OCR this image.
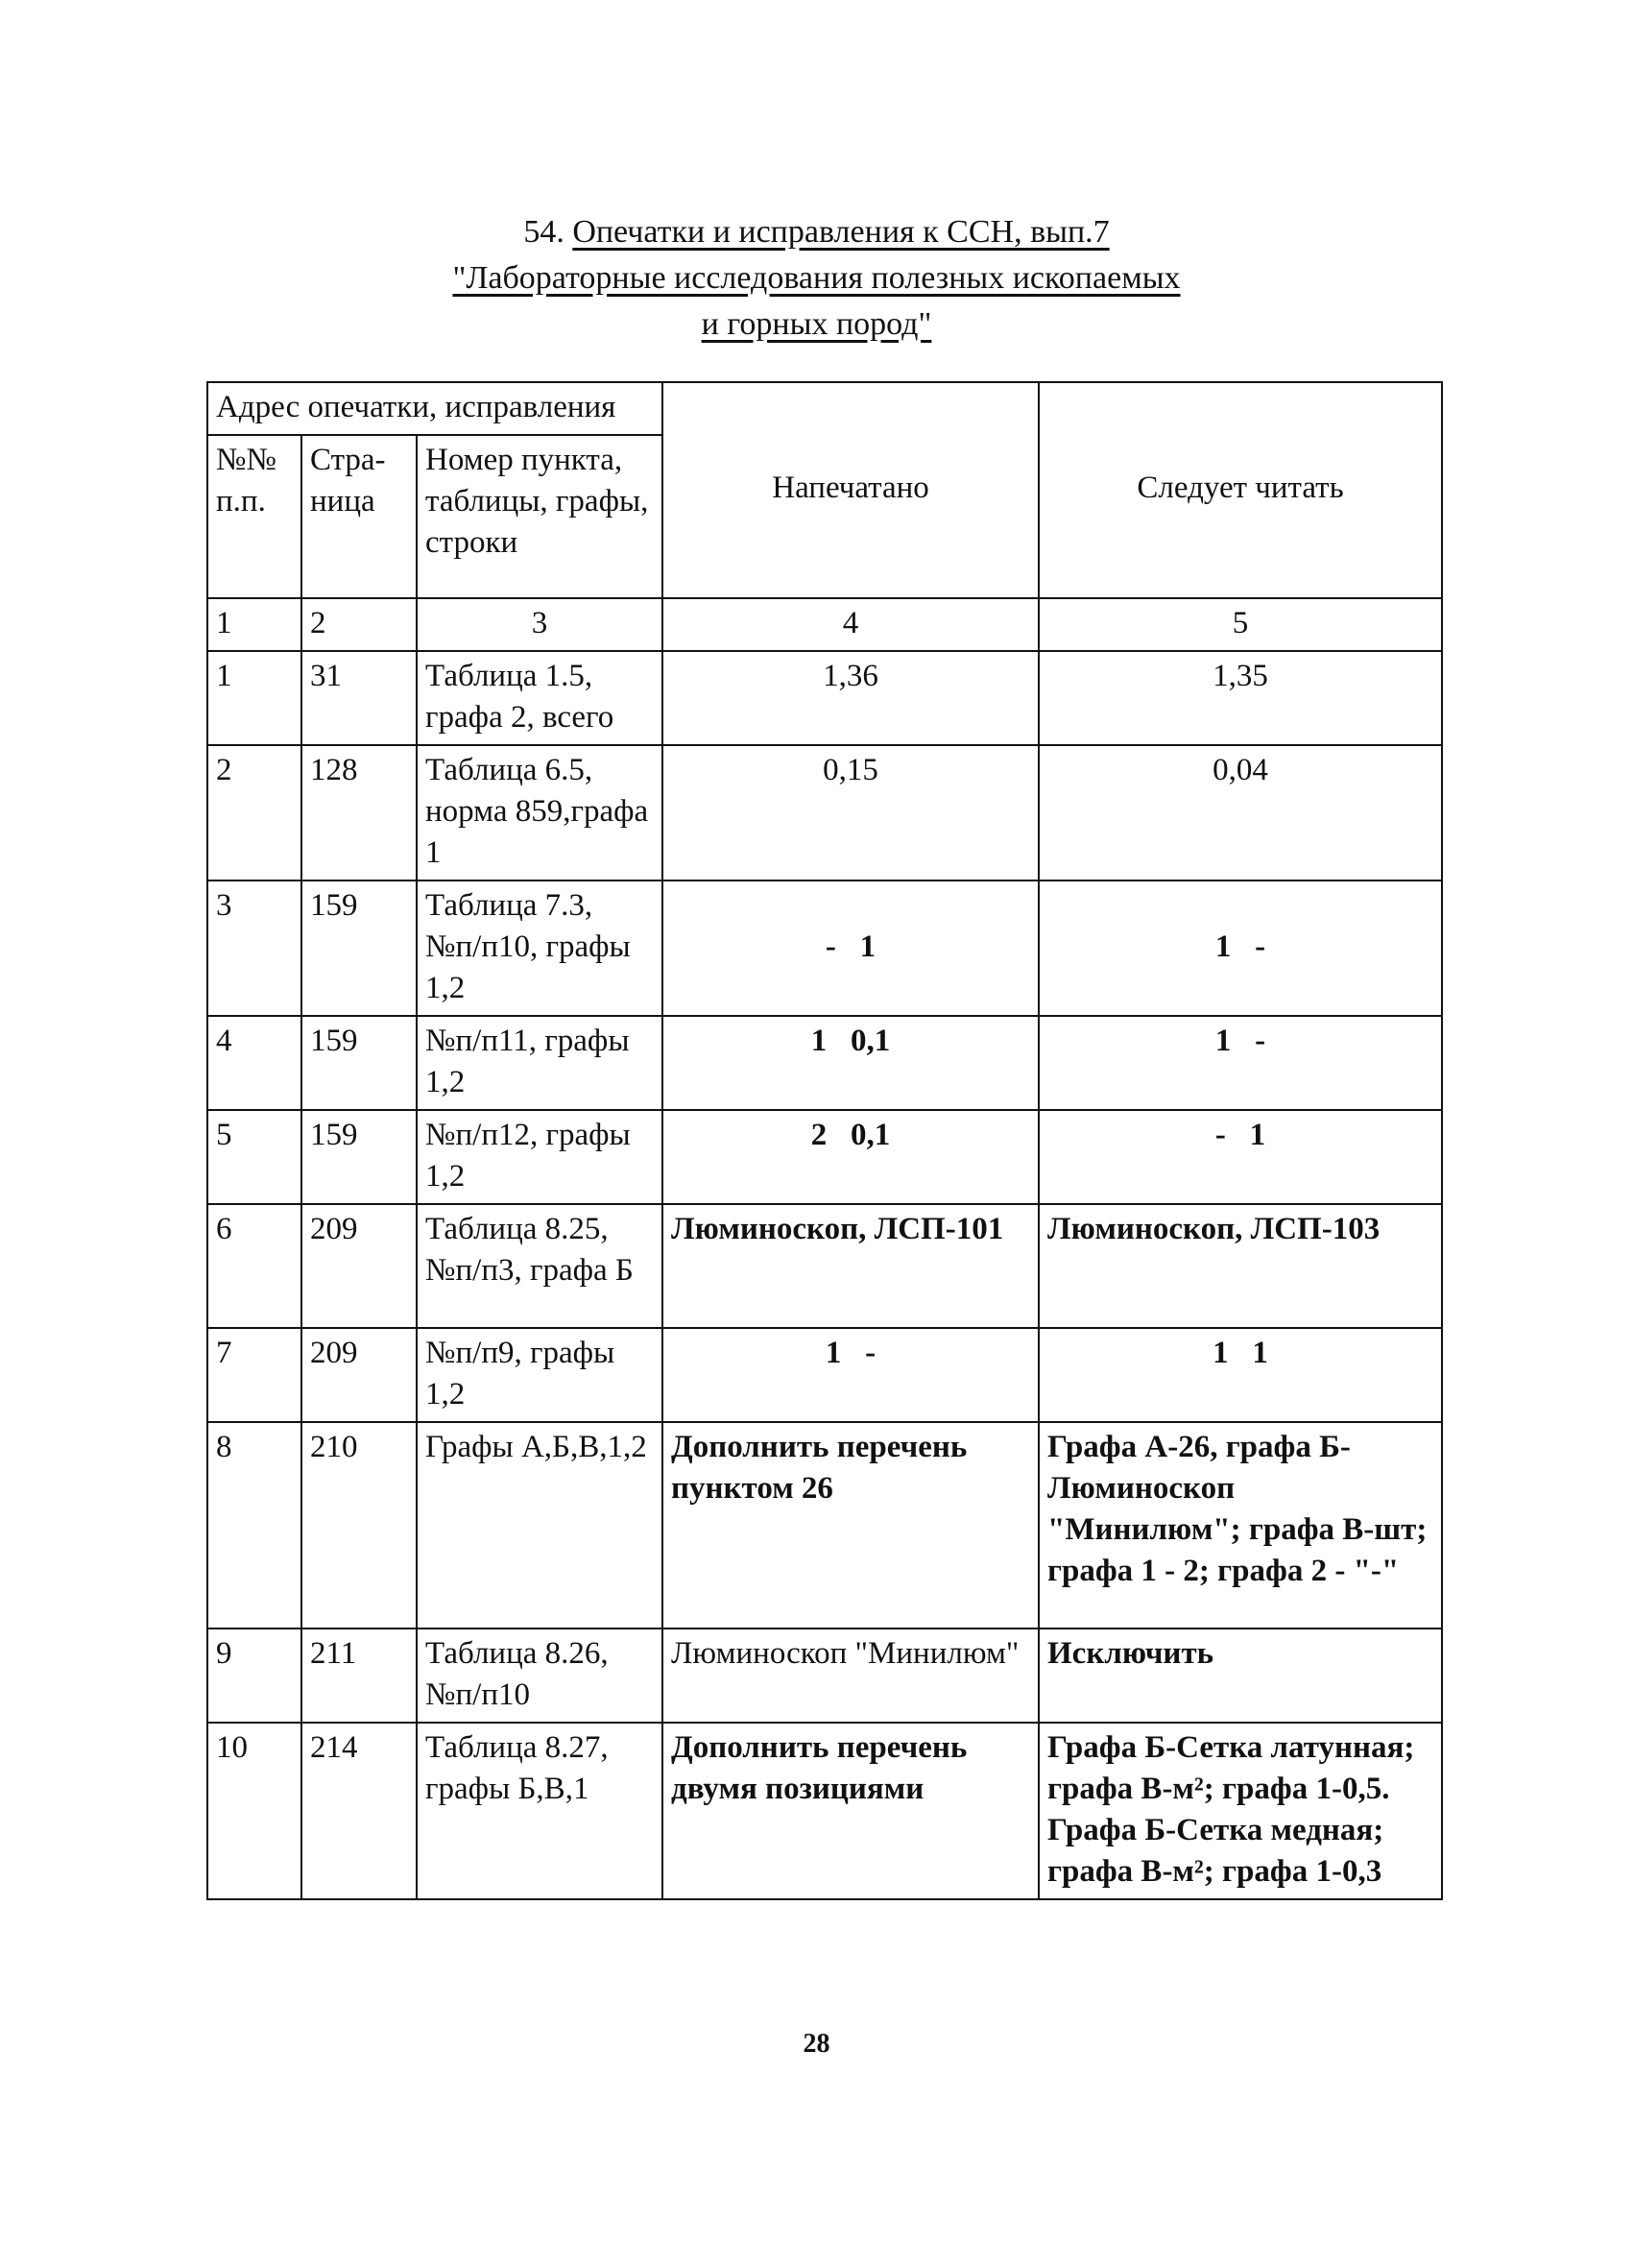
54. Опечатки и исправления к ССН, вып.7
"Лабораторные исследования полезных ископаемых
и горных пород"
Адрес опечатки, исправления			Напечатано	Следует читать
№№ п.п.	Стра-ница	Номер пункта, таблицы, графы, строки		
1	2	3	4	5
1	31	Таблица 1.5, графа 2, всего	1,36	1,35
2	128	Таблица 6.5, норма 859,графа 1	0,15	0,04
3	159	Таблица 7.3, №п/п10, графы 1,2	-   1	1   -
4	159	№п/п11, графы 1,2	1   0,1	1   -
5	159	№п/п12, графы 1,2	2   0,1	-   1
6	209	Таблица 8.25, №п/п3, графа Б	Люминоскоп, ЛСП-101	Люминоскоп, ЛСП-103
7	209	№п/п9, графы 1,2	1   -	1   1
8	210	Графы А,Б,В,1,2	Дополнить перечень пунктом 26	Графа А-26, графа Б-Люминоскоп "Минилюм"; графа В-шт; графа 1 - 2; графа 2 - "-"
9	211	Таблица 8.26, №п/п10	Люминоскоп "Минилюм"	Исключить
10	214	Таблица 8.27, графы Б,В,1	Дополнить перечень двумя позициями	Графа Б-Сетка латунная; графа В-м²; графа 1-0,5. Графа Б-Сетка медная; графа В-м²; графа 1-0,3
28
